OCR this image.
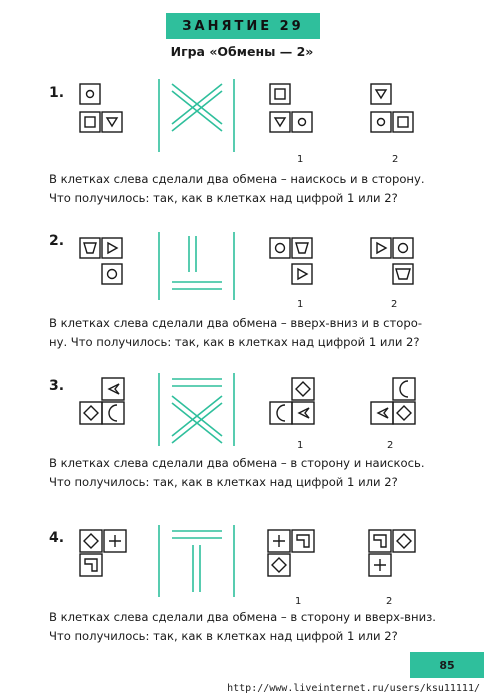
ЗАНЯТИЕ 29
Игра «Обмены — 2»
1.
1	2
В клетках слева сделали два обмена – наискось и в сторону.
Что получилось: так, как в клетках над цифрой 1 или 2?
2.
1	2
В клетках слева сделали два обмена – вверх-вниз и в сторо-
ну. Что получилось: так, как в клетках над цифрой 1 или 2?
3.
1	2
В клетках слева сделали два обмена – в сторону и наискось.
Что получилось: так, как в клетках над цифрой 1 или 2?
4.
1	2
В клетках слева сделали два обмена – в сторону и вверх-вниз.
Что получилось: так, как в клетках над цифрой 1 или 2?
85
http://www.liveinternet.ru/users/ksu11111/
